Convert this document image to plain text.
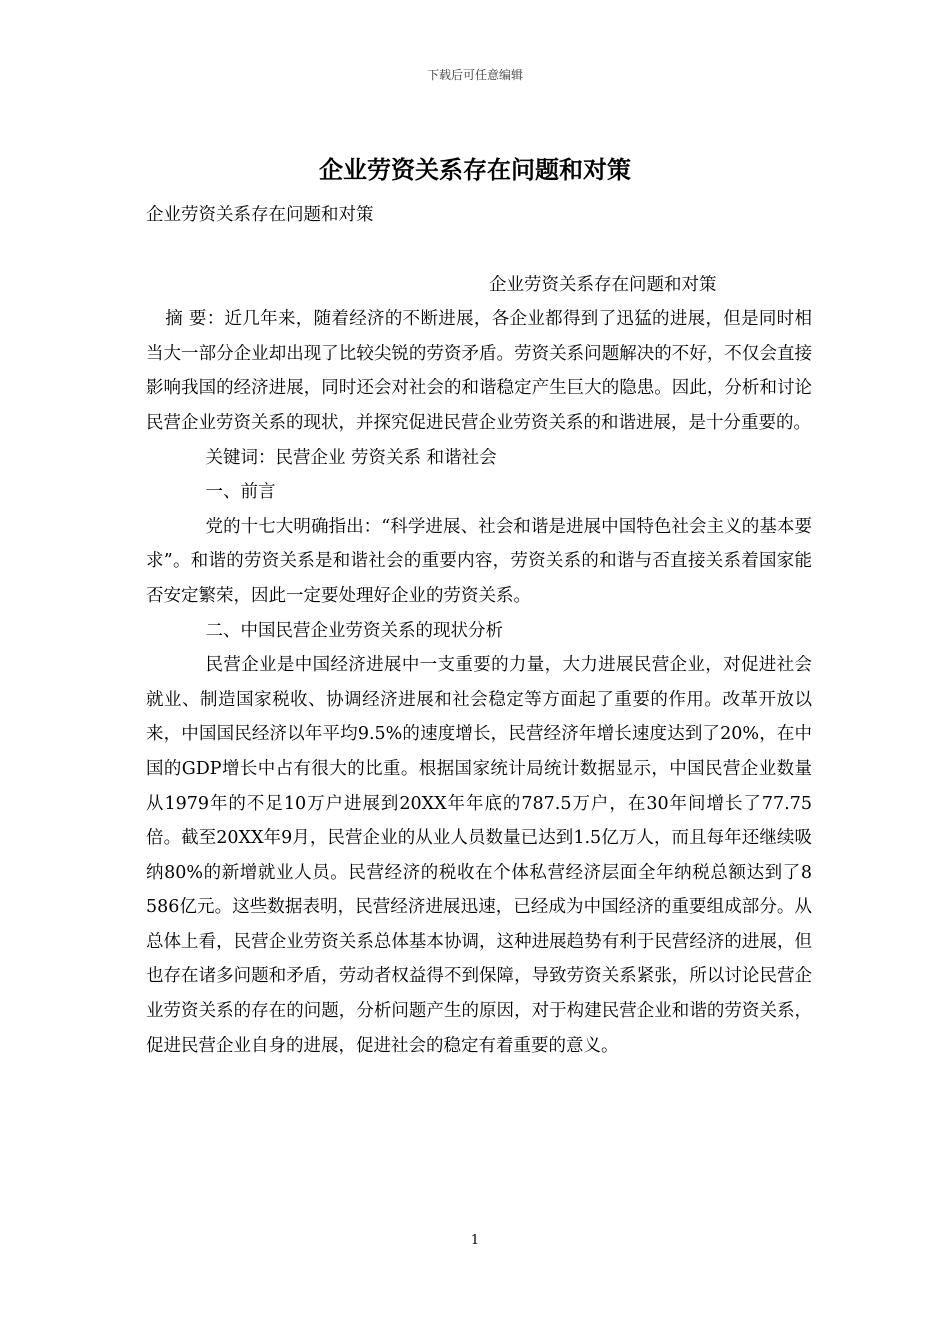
下载后可任意编辑
企业劳资关系存在问题和对策

企业劳资关系存在问题和对策

企业劳资关系存在问题和对策

摘 要：近几年来，随着经济的不断进展，各企业都得到了迅猛的进展，但是同时相当大一部分企业却出现了比较尖锐的劳资矛盾。劳资关系问题解决的不好，不仅会直接影响我国的经济进展，同时还会对社会的和谐稳定产生巨大的隐患。因此，分析和讨论民营企业劳资关系的现状，并探究促进民营企业劳资关系的和谐进展，是十分重要的。

关键词：民营企业 劳资关系 和谐社会

一、前言

党的十七大明确指出：“科学进展、社会和谐是进展中国特色社会主义的基本要求”。和谐的劳资关系是和谐社会的重要内容，劳资关系的和谐与否直接关系着国家能否安定繁荣，因此一定要处理好企业的劳资关系。

二、中国民营企业劳资关系的现状分析

民营企业是中国经济进展中一支重要的力量，大力进展民营企业，对促进社会就业、制造国家税收、协调经济进展和社会稳定等方面起了重要的作用。改革开放以来，中国国民经济以年平均9.5%的速度增长，民营经济年增长速度达到了20%，在中国的GDP增长中占有很大的比重。根据国家统计局统计数据显示，中国民营企业数量从1979年的不足10万户进展到20XX年年底的787.5万户，在30年间增长了77.75倍。截至20XX年9月，民营企业的从业人员数量已达到1.5亿万人，而且每年还继续吸纳80%的新增就业人员。民营经济的税收在个体私营经济层面全年纳税总额达到了8 586亿元。这些数据表明，民营经济进展迅速，已经成为中国经济的重要组成部分。从总体上看，民营企业劳资关系总体基本协调，这种进展趋势有利于民营经济的进展，但也存在诸多问题和矛盾，劳动者权益得不到保障，导致劳资关系紧张，所以讨论民营企业劳资关系的存在的问题，分析问题产生的原因，对于构建民营企业和谐的劳资关系，促进民营企业自身的进展，促进社会的稳定有着重要的意义。

1
